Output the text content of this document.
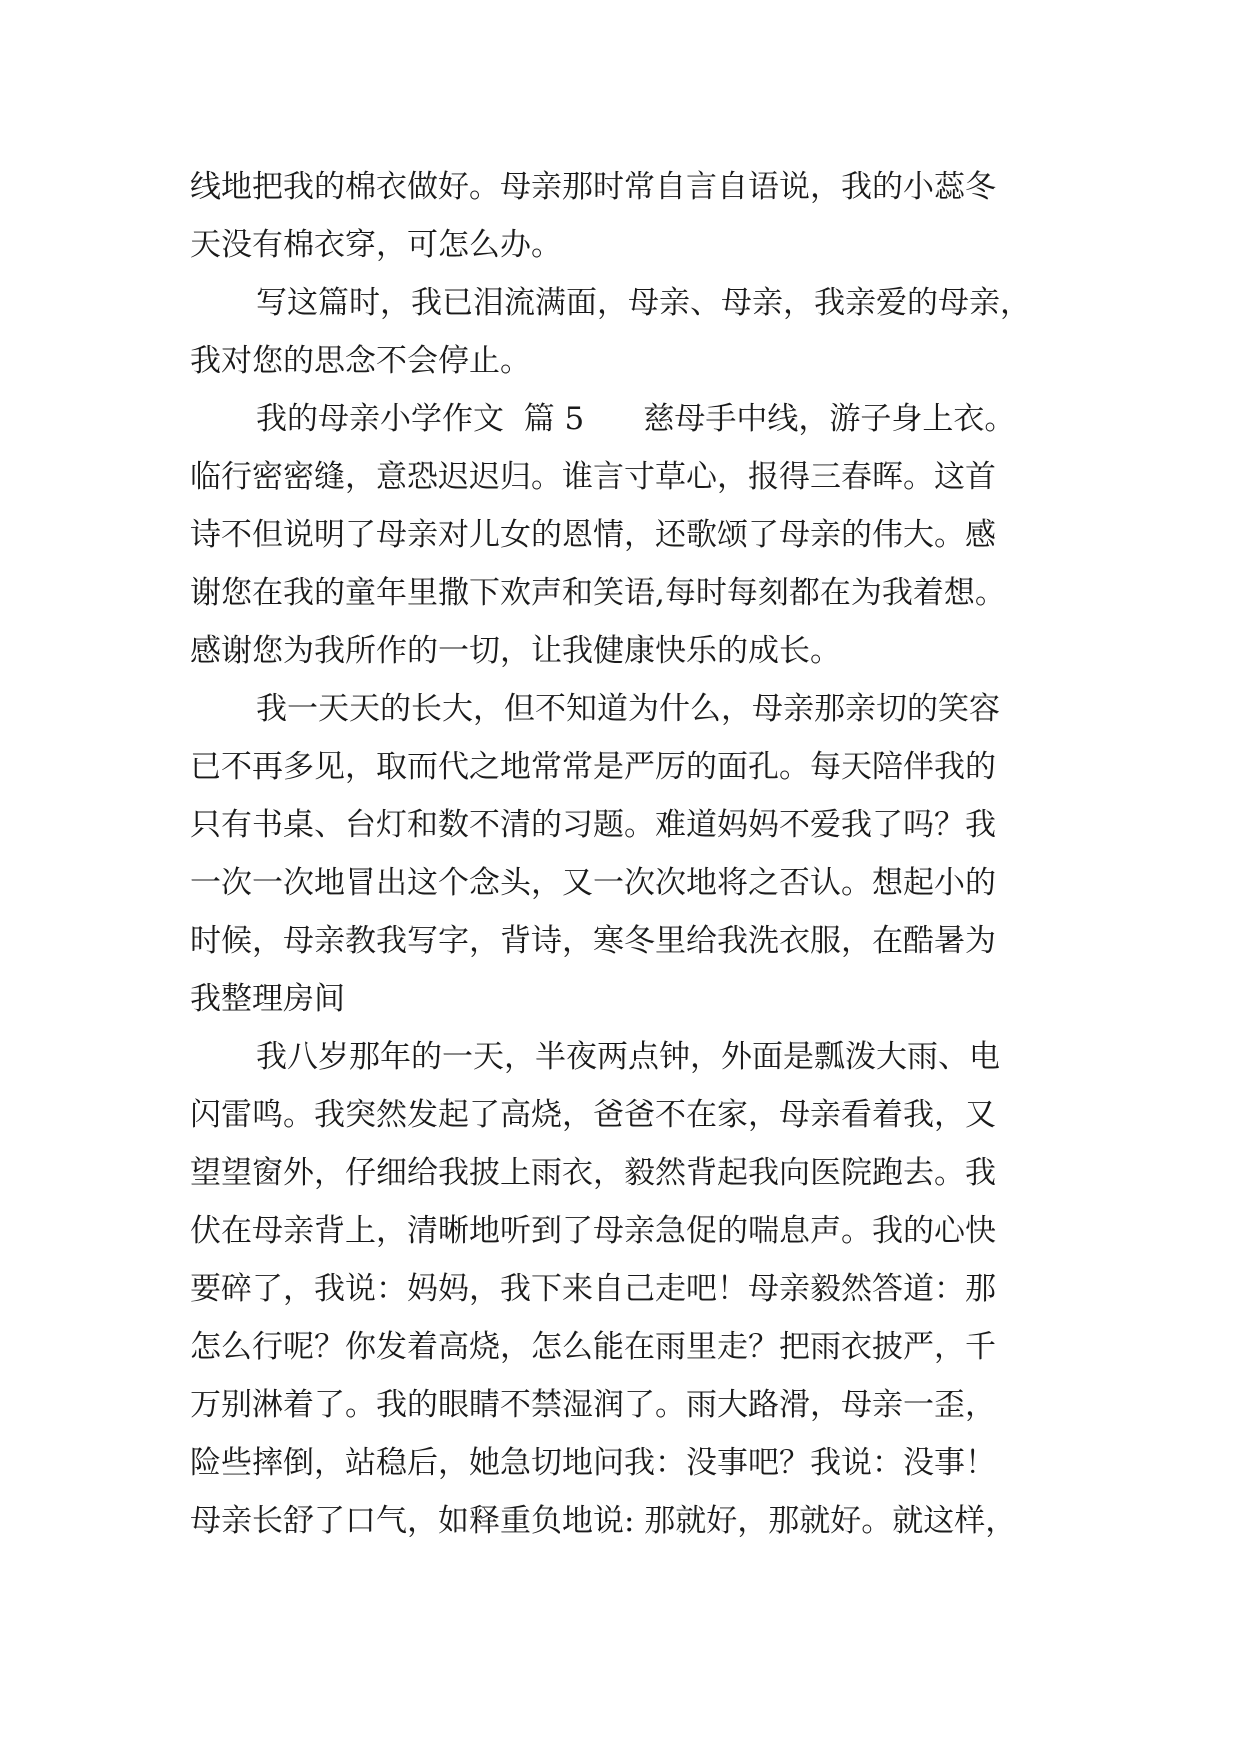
线地把我的棉衣做好。母亲那时常自言自语说，我的小蕊冬
天没有棉衣穿，可怎么办。
写这篇时，我已泪流满面，母亲、母亲，我亲爱的母亲，
我对您的思念不会停止。
我的母亲小学作文  篇 5      慈母手中线，游子身上衣。
临行密密缝，意恐迟迟归。谁言寸草心，报得三春晖。这首
诗不但说明了母亲对儿女的恩情，还歌颂了母亲的伟大。感
谢您在我的童年里撒下欢声和笑语,每时每刻都在为我着想。
感谢您为我所作的一切，让我健康快乐的成长。
我一天天的长大，但不知道为什么，母亲那亲切的笑容
已不再多见，取而代之地常常是严厉的面孔。每天陪伴我的
只有书桌、台灯和数不清的习题。难道妈妈不爱我了吗？我
一次一次地冒出这个念头，又一次次地将之否认。想起小的
时候，母亲教我写字，背诗，寒冬里给我洗衣服，在酷暑为
我整理房间
我八岁那年的一天，半夜两点钟，外面是瓢泼大雨、电
闪雷鸣。我突然发起了高烧，爸爸不在家，母亲看着我，又
望望窗外，仔细给我披上雨衣，毅然背起我向医院跑去。我
伏在母亲背上，清晰地听到了母亲急促的喘息声。我的心快
要碎了，我说：妈妈，我下来自己走吧！母亲毅然答道：那
怎么行呢？你发着高烧，怎么能在雨里走？把雨衣披严，千
万别淋着了。我的眼睛不禁湿润了。雨大路滑，母亲一歪，
险些摔倒，站稳后，她急切地问我：没事吧？我说：没事！
母亲长舒了口气，如释重负地说: 那就好，那就好。就这样，
